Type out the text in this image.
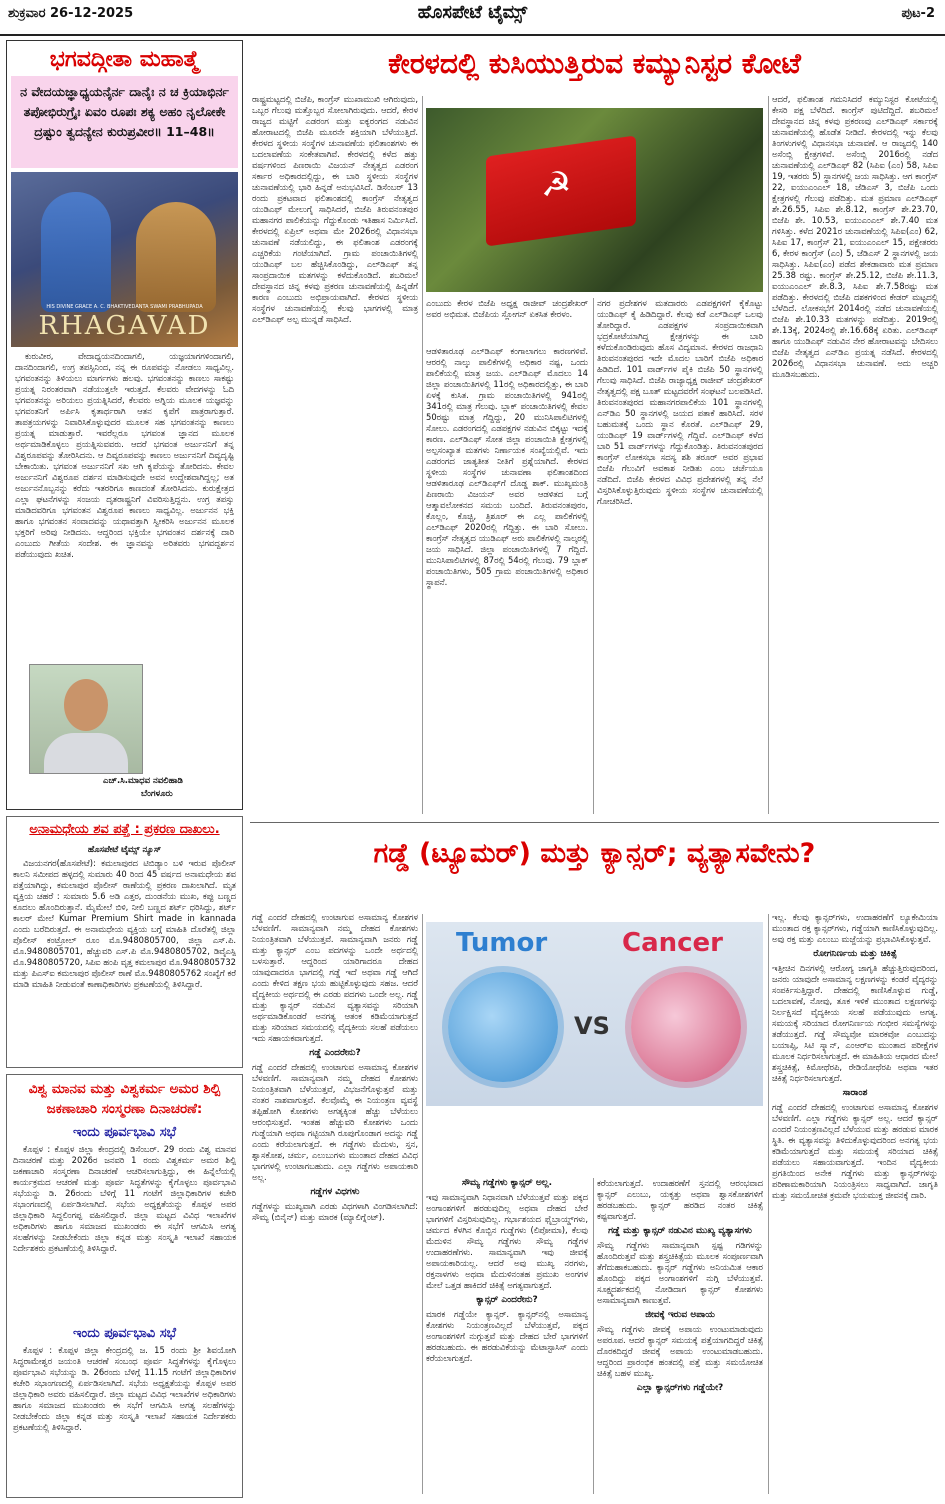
ಶುಕ್ರವಾರ 26-12-2025	ಹೊಸಪೇಟೆ ಟೈಮ್ಸ್	ಪುಟ-2
ಭಗವದ್ಗೀತಾ ಮಹಾತ್ಮೆ
ನ ವೇದಯಜ್ಞಾಧ್ಯಯನೈರ್ನ ದಾನೈಃ ನ ಚ ಕ್ರಿಯಾಭಿರ್ನ ತಪೋಭಿರುಗ್ರೈಃ ಏವಂ ರೂಪಃ ಶಕ್ಯ ಅಹಂ ನೃಲೋಕೇ ದ್ರಷ್ಟುಂ ತ್ವದನ್ಯೇನ ಕುರುಪ್ರವೀರ॥ 11–48॥
HIS DIVINE GRACE A. C. BHAKTIVEDANTA SWAMI PRABHUPADA
RHAGAVAD
ಕುರುವೀರ, ವೇದಾಧ್ಯಯನದಿಂದಾಗಲಿ, ಯಜ್ಞಯಾಗಗಳಿಂದಾಗಲಿ, ದಾನದಿಂದಾಗಲಿ, ಉಗ್ರ ತಪಸ್ಸಿನಿಂದ, ನನ್ನ ಈ ರೂಪವನ್ನು ನೋಡಲು ಸಾಧ್ಯವಿಲ್ಲ. ಭಗವಂತನನ್ನು ತಿಳಿಯಲು ಮಾರ್ಗಗಳು ಹಲವು. ಭಗವಂತನನ್ನು ಕಾಣಲು ಸಾಕಷ್ಟು ಪ್ರಯತ್ನ ನಿರಂತರವಾಗಿ ನಡೆಯುತ್ತಲೇ ಇರುತ್ತದೆ. ಕೆಲವರು ವೇದಗಳನ್ನು ಓದಿ ಭಗವಂತನನ್ನು ಅರಿಯಲು ಪ್ರಯತ್ನಿಸಿದರೆ, ಕೆಲವರು ಅಗ್ನಿಯ ಮೂಲಕ ಯಜ್ಞವನ್ನು ಭಗವಂತನಿಗೆ ಅರ್ಪಿಸಿ ಕೃತಾರ್ಥರಾಗಿ ಆತನ ಕೃಪೆಗೆ ಪಾತ್ರರಾಗುತ್ತಾರೆ. ತಾಪತ್ರಯಗಳನ್ನು ನಿವಾರಿಸಿಕೊಳ್ಳುವುದರ ಮೂಲಕ ಸಹ ಭಗವಂತನನ್ನು ಕಾಣಲು ಪ್ರಯತ್ನ ಮಾಡುತ್ತಾರೆ. ಇವರೆಲ್ಲರೂ ಭಗವಂತ ಜ್ಞಾನದ ಮೂಲಕ ಅರ್ಥಮಾಡಿಕೊಳ್ಳಲು ಪ್ರಯತ್ನಿಸುವವರು. ಆದರೆ ಭಗವಂತ ಅರ್ಜುನನಿಗೆ ತನ್ನ ವಿಶ್ವರೂಪವನ್ನು ತೋರಿಸಿದನು. ಆ ದಿವ್ಯರೂಪವನ್ನು ಕಾಣಲು ಅರ್ಜುನನಿಗೆ ದಿವ್ಯದೃಷ್ಟಿ ಬೇಕಾಯಿತು. ಭಗವಂತ ಅರ್ಜುನನಿಗೆ ಸಖ ಆಗಿ ಕೃಪೆಯನ್ನು ತೋರಿದನು. ಕೇವಲ ಅರ್ಜುನನಿಗೆ ವಿಶ್ವರೂಪ ದರ್ಶನ ಮಾಡಿಸುವುದೇ ಅವನ ಉದ್ದೇಶವಾಗಿದ್ದಲ್ಲ; ಅತ ಅರ್ಜುನನೊಬ್ಬನನ್ನು ಕರೆದು ಇತರರಿಗೂ ಕಾಣದಂತೆ ತೋರಿಸಿದನು. ಕುರುಕ್ಷೇತ್ರದ ಎಲ್ಲಾ ಘಟನೆಗಳನ್ನು ಸಂಜಯ ದೃತರಾಷ್ಟ್ರನಿಗೆ ವಿವರಿಸುತ್ತಿದ್ದನು. ಉಗ್ರ ತಪಸ್ಸು ಮಾಡಿದವರಿಗೂ ಭಗವಂತನ ವಿಶ್ವರೂಪ ಕಾಣಲು ಸಾಧ್ಯವಿಲ್ಲ. ಅರ್ಜುನನ ಭಕ್ತಿ ಹಾಗೂ ಭಗವಂತನ ಸಂವಾದವನ್ನು ಯಥಾವತ್ತಾಗಿ ಸ್ವೀಕರಿಸಿ ಅರ್ಜುನನ ಮೂಲಕ ಭಕ್ತರಿಗೆ ಅರಿವು ನೀಡಿದನು. ಆದ್ದರಿಂದ ಭಕ್ತಿಯೇ ಭಗವಂತನ ದರ್ಶನಕ್ಕೆ ದಾರಿ ಎಂಬುದು ಗೀತೆಯ ಸಂದೇಶ. ಈ ಜ್ಞಾನವನ್ನು ಅರಿತವರು ಭಗವದ್ದರ್ಶನ ಪಡೆಯುವುದು ಖಚಿತ.
ಎಚ್.ಸಿ.ಮಾಧವ ನವಲಿಹಾಡಿ
ಬೆಂಗಳೂರು
ಅನಾಮಧೇಯ ಶವ ಪತ್ತೆ : ಪ್ರಕರಣ ದಾಖಲು.
ಹೊಸಪೇಟೆ ಟೈಮ್ಸ್ ನ್ಯೂಸ್
ವಿಜಯನಗರ(ಹೊಸಪೇಟೆ): ಕಮಲಾಪುರದ ಟಿಬಿಡ್ಯಾಂ ಬಳಿ ಇರುವ ಪೊಲೀಸ್ ಕಾಲನಿ ಸಮೀಪದ ಹಳ್ಳದಲ್ಲಿ ಸುಮಾರು 40 ರಿಂದ 45 ವರ್ಷದ ಅನಾಮಧೇಯ ಶವ ಪತ್ತೆಯಾಗಿದ್ದು, ಕಮಲಾಪುರ ಪೊಲೀಸ್ ಠಾಣೆಯಲ್ಲಿ ಪ್ರಕರಣ ದಾಖಲಾಗಿದೆ. ಮೃತ ವ್ಯಕ್ತಿಯ ಚಹರೆ : ಸುಮಾರು 5.6 ಅಡಿ ಎತ್ತರ, ದುಂಡನೆಯ ಮುಖ, ಕಪ್ಪು ಬಣ್ಣದ ಕೂದಲು ಹೊಂದಿರುತ್ತಾನೆ. ಮೈಮೇಲೆ ಬಿಳಿ, ನೀಲಿ ಬಣ್ಣದ ಶರ್ಟ್ ಧರಿಸಿದ್ದು, ಶರ್ಟ್ ಕಾಲರ್ ಮೇಲೆ Kumar Premium Shirt made in kannada ಎಂದು ಬರೆದಿರುತ್ತದೆ. ಈ ಅನಾಮಧೇಯ ವ್ಯಕ್ತಿಯ ಬಗ್ಗೆ ಮಾಹಿತಿ ದೊರೆತಲ್ಲಿ ಜಿಲ್ಲಾ ಪೊಲೀಸ್ ಕಂಟ್ರೋಲ್ ರೂಂ ಮೊ.9480805700, ಜಿಲ್ಲಾ ಎಸ್.ಪಿ. ಮೊ.9480805701, ಹೆಚ್ಚುವರಿ ಎಸ್.ಪಿ ಮೊ.9480805702, ಡಿವೈಎಸ್ಪಿ ಮೊ.9480805720, ಸಿಪಿಐ ಹಂಪಿ ವೃತ್ತ ಕಮಲಾಪುರ ಮೊ.9480805732 ಮತ್ತು ಪಿಎಸ್‌ಐ ಕಮಲಾಪುರ ಪೊಲೀಸ್ ಠಾಣೆ ಮೊ.9480805762 ಸಂಖ್ಯೆಗೆ ಕರೆ ಮಾಡಿ ಮಾಹಿತಿ ನೀಡುವಂತೆ ಕಾಣಾಧಿಕಾರಿಗಳು ಪ್ರಕಟಣೆಯಲ್ಲಿ ತಿಳಿಸಿದ್ದಾರೆ.
ವಿಶ್ವ ಮಾನವ ಮತ್ತು ವಿಶ್ವಕರ್ಮ ಅಮರ ಶಿಲ್ಪಿ ಜಕಣಾಚಾರಿ ಸಂಸ್ಮರಣಾ ದಿನಾಚರಣೆ:
ಇಂದು ಪೂರ್ವಭಾವಿ ಸಭೆ
ಕೊಪ್ಪಳ : ಕೊಪ್ಪಳ ಜಿಲ್ಲಾ ಕೇಂದ್ರದಲ್ಲಿ ಡಿಸೆಂಬರ್. 29 ರಂದು ವಿಶ್ವ ಮಾನವ ದಿನಾಚರಣೆ ಮತ್ತು 2026ರ ಜನವರಿ 1 ರಂದು ವಿಶ್ವಕರ್ಮ ಅಮರ ಶಿಲ್ಪಿ ಜಕಣಾಚಾರಿ ಸಂಸ್ಮರಣಾ ದಿನಾಚರಣೆ ಆಚರಿಸಲಾಗುತ್ತಿದ್ದು, ಈ ಹಿನ್ನೆಲೆಯಲ್ಲಿ ಕಾರ್ಯಕ್ರಮದ ಆಚರಣೆ ಮತ್ತು ಪೂರ್ವ ಸಿದ್ಧತೆಗಳನ್ನು ಕೈಗೊಳ್ಳಲು ಪೂರ್ವಭಾವಿ ಸಭೆಯನ್ನು ಡಿ. 26ರಂದು ಬೆಳಿಗ್ಗೆ 11 ಗಂಟೆಗೆ ಜಿಲ್ಲಾಧಿಕಾರಿಗಳ ಕಚೇರಿ ಸಭಾಂಗಣದಲ್ಲಿ ಏರ್ಪಡಿಸಲಾಗಿದೆ. ಸಭೆಯ ಅಧ್ಯಕ್ಷತೆಯನ್ನು ಕೊಪ್ಪಳ ಅಪರ ಜಿಲ್ಲಾಧಿಕಾರಿ ಸಿದ್ದಲಿಂಗಪ್ಪ ವಹಿಸಲಿದ್ದಾರೆ. ಜಿಲ್ಲಾ ಮಟ್ಟದ ವಿವಿಧ ಇಲಾಖೆಗಳ ಅಧಿಕಾರಿಗಳು ಹಾಗೂ ಸಮಾಜದ ಮುಖಂಡರು ಈ ಸಭೆಗೆ ಆಗಮಿಸಿ ಅಗತ್ಯ ಸಲಹೆಗಳನ್ನು ನೀಡಬೇಕೆಂದು ಜಿಲ್ಲಾ ಕನ್ನಡ ಮತ್ತು ಸಂಸ್ಕೃತಿ ಇಲಾಖೆ ಸಹಾಯಕ ನಿರ್ದೇಶಕರು ಪ್ರಕಟಣೆಯಲ್ಲಿ ತಿಳಿಸಿದ್ದಾರೆ.
ಇಂದು ಪೂರ್ವಭಾವಿ ಸಭೆ
ಕೊಪ್ಪಳ : ಕೊಪ್ಪಳ ಜಿಲ್ಲಾ ಕೇಂದ್ರದಲ್ಲಿ ಜ. 15 ರಂದು ಶ್ರೀ ಶಿವಯೋಗಿ ಸಿದ್ಧರಾಮೇಶ್ವರ ಜಯಂತಿ ಆಚರಣೆ ಸಂಬಂಧ ಪೂರ್ವ ಸಿದ್ಧತೆಗಳನ್ನು ಕೈಗೊಳ್ಳಲು ಪೂರ್ವಭಾವಿ ಸಭೆಯನ್ನು ಡಿ. 26ರಂದು ಬೆಳಿಗ್ಗೆ 11.15 ಗಂಟೆಗೆ ಜಿಲ್ಲಾಧಿಕಾರಿಗಳ ಕಚೇರಿ ಸಭಾಂಗಣದಲ್ಲಿ ಏರ್ಪಡಿಸಲಾಗಿದೆ. ಸಭೆಯ ಅಧ್ಯಕ್ಷತೆಯನ್ನು ಕೊಪ್ಪಳ ಅಪರ ಜಿಲ್ಲಾಧಿಕಾರಿ ಅವರು ವಹಿಸಲಿದ್ದಾರೆ. ಜಿಲ್ಲಾ ಮಟ್ಟದ ವಿವಿಧ ಇಲಾಖೆಗಳ ಅಧಿಕಾರಿಗಳು ಹಾಗೂ ಸಮಾಜದ ಮುಖಂಡರು ಈ ಸಭೆಗೆ ಆಗಮಿಸಿ ಅಗತ್ಯ ಸಲಹೆಗಳನ್ನು ನೀಡಬೇಕೆಂದು ಜಿಲ್ಲಾ ಕನ್ನಡ ಮತ್ತು ಸಂಸ್ಕೃತಿ ಇಲಾಖೆ ಸಹಾಯಕ ನಿರ್ದೇಶಕರು ಪ್ರಕಟಣೆಯಲ್ಲಿ ತಿಳಿಸಿದ್ದಾರೆ.
ಕೇರಳದಲ್ಲಿ ಕುಸಿಯುತ್ತಿರುವ ಕಮ್ಯುನಿಸ್ಟರ ಕೋಟೆ
ರಾಷ್ಟ್ರಮಟ್ಟದಲ್ಲಿ ಬಿಜೆಪಿ, ಕಾಂಗ್ರೆಸ್ ಮುಖಾಮುಖಿ ಆಗಿರುವುದು, ಒಬ್ಬರ ಗೆಲುವು ಮತ್ತೊಬ್ಬರ ಸೋಲಾಗಿರುವುದು. ಆದರೆ, ಕೇರಳ ರಾಜ್ಯದ ಮಟ್ಟಿಗೆ ಎಡರಂಗ ಮತ್ತು ಐಕ್ಯರಂಗದ ನಡುವಿನ ಹೋರಾಟದಲ್ಲಿ ಬಿಜೆಪಿ ಮೂರನೇ ಶಕ್ತಿಯಾಗಿ ಬೆಳೆಯುತ್ತಿದೆ. ಕೇರಳದ ಸ್ಥಳೀಯ ಸಂಸ್ಥೆಗಳ ಚುನಾವಣೆಯ ಫಲಿತಾಂಶಗಳು ಈ ಬದಲಾವಣೆಯ ಸಂಕೇತವಾಗಿವೆ. ಕೇರಳದಲ್ಲಿ ಕಳೆದ ಹತ್ತು ವರ್ಷಗಳಿಂದ ಪಿಣರಾಯಿ ವಿಜಯನ್ ನೇತೃತ್ವದ ಎಡರಂಗ ಸರ್ಕಾರ ಅಧಿಕಾರದಲ್ಲಿದ್ದು, ಈ ಬಾರಿ ಸ್ಥಳೀಯ ಸಂಸ್ಥೆಗಳ ಚುನಾವಣೆಯಲ್ಲಿ ಭಾರಿ ಹಿನ್ನಡೆ ಅನುಭವಿಸಿದೆ. ಡಿಸೆಂಬರ್ 13 ರಂದು ಪ್ರಕಟವಾದ ಫಲಿತಾಂಶದಲ್ಲಿ ಕಾಂಗ್ರೆಸ್ ನೇತೃತ್ವದ ಯುಡಿಎಫ್ ಮೇಲುಗೈ ಸಾಧಿಸಿದರೆ, ಬಿಜೆಪಿ ತಿರುವನಂತಪುರ ಮಹಾನಗರ ಪಾಲಿಕೆಯನ್ನು ಗೆದ್ದುಕೊಂಡು ಇತಿಹಾಸ ನಿರ್ಮಿಸಿದೆ. ಕೇರಳದಲ್ಲಿ ಏಪ್ರಿಲ್ ಅಥವಾ ಮೇ 2026ರಲ್ಲಿ ವಿಧಾನಸಭಾ ಚುನಾವಣೆ ನಡೆಯಲಿದ್ದು, ಈ ಫಲಿತಾಂಶ ಎಡರಂಗಕ್ಕೆ ಎಚ್ಚರಿಕೆಯ ಗಂಟೆಯಾಗಿದೆ. ಗ್ರಾಮ ಪಂಚಾಯಿತಿಗಳಲ್ಲಿ ಯುಡಿಎಫ್ ಬಲ ಹೆಚ್ಚಿಸಿಕೊಂಡಿದ್ದು, ಎಲ್‌ಡಿಎಫ್ ತನ್ನ ಸಾಂಪ್ರದಾಯಿಕ ಮತಗಳನ್ನು ಕಳೆದುಕೊಂಡಿದೆ. ಶಬರಿಮಲೆ ದೇವಸ್ಥಾನದ ಚಿನ್ನ ಕಳವು ಪ್ರಕರಣ ಚುನಾವಣೆಯಲ್ಲಿ ಹಿನ್ನಡೆಗೆ ಕಾರಣ ಎಂಬುದು ಅಭಿಪ್ರಾಯವಾಗಿದೆ. ಕೇರಳದ ಸ್ಥಳೀಯ ಸಂಸ್ಥೆಗಳ ಚುನಾವಣೆಯಲ್ಲಿ ಕೆಲವು ಭಾಗಗಳಲ್ಲಿ ಮಾತ್ರ ಎಲ್‌ಡಿಎಫ್ ಅಲ್ಪ ಮುನ್ನಡೆ ಸಾಧಿಸಿದೆ.
☭
ಎಂಬುದು ಕೇರಳ ಬಿಜೆಪಿ ಅಧ್ಯಕ್ಷ ರಾಜೀವ್ ಚಂದ್ರಶೇಖರ್ ಅವರ ಅಭಿಮತ. ಬಿಜೆಪಿಯ ಸ್ಲೋಗನ್ ಏಕಸಿತ ಕೇರಳಂ.
ಆಡಳಿತಾರೂಢ ಎಲ್‌ಡಿಎಫ್ ಕಂಗಾಲಾಗಲು ಕಾರಣಗಳಿವೆ. ಆರರಲ್ಲಿ ನಾಲ್ಕು ಪಾಲಿಕೆಗಳಲ್ಲಿ ಅಧಿಕಾರ ನಷ್ಟ, ಒಂದು ಪಾಲಿಕೆಯಲ್ಲಿ ಮಾತ್ರ ಜಯ. ಎಲ್‌ಡಿಎಫ್ ಮೊದಲು 14 ಜಿಲ್ಲಾ ಪಂಚಾಯಿತಿಗಳಲ್ಲಿ 11ರಲ್ಲಿ ಅಧಿಕಾರದಲ್ಲಿತ್ತು, ಈ ಬಾರಿ ಏಳಕ್ಕೆ ಕುಸಿತ. ಗ್ರಾಮ ಪಂಚಾಯಿತಿಗಳಲ್ಲಿ 941ರಲ್ಲಿ 341ರಲ್ಲಿ ಮಾತ್ರ ಗೆಲುವು. ಬ್ಲಾಕ್ ಪಂಚಾಯಿತಿಗಳಲ್ಲಿ ಕೇವಲ 50ರಷ್ಟು ಮಾತ್ರ ಗೆದ್ದಿದ್ದು, 20 ಮುನಿಸಿಪಾಲಿಟಿಗಳಲ್ಲಿ ಸೋಲು. ಎಡರಂಗದಲ್ಲಿ ಎಡಪಕ್ಷಗಳ ನಡುವಿನ ಬಿಕ್ಕಟ್ಟು ಇದಕ್ಕೆ ಕಾರಣ. ಎಲ್‌ಡಿಎಫ್ ಸೋತ ಜಿಲ್ಲಾ ಪಂಚಾಯಿತಿ ಕ್ಷೇತ್ರಗಳಲ್ಲಿ ಅಲ್ಪಸಂಖ್ಯಾತ ಮತಗಳು ನಿರ್ಣಾಯಕ ಸಂಖ್ಯೆಯಲ್ಲಿವೆ. ಇದು ಎಡರಂಗದ ಜಾತ್ಯತೀತ ನೀತಿಗೆ ಪ್ರಶ್ನೆಯಾಗಿದೆ. ಕೇರಳದ ಸ್ಥಳೀಯ ಸಂಸ್ಥೆಗಳ ಚುನಾವಣಾ ಫಲಿತಾಂಶದಿಂದ ಆಡಳಿತಾರೂಢ ಎಲ್‌ಡಿಎಫ್‌ಗೆ ದೊಡ್ಡ ಶಾಕ್. ಮುಖ್ಯಮಂತ್ರಿ ಪಿಣರಾಯಿ ವಿಜಯನ್ ಅವರ ಆಡಳಿತದ ಬಗ್ಗೆ ಆತ್ಮಾವಲೋಕನದ ಸಮಯ ಬಂದಿದೆ. ತಿರುವನಂತಪುರಂ, ಕೊಲ್ಲಂ, ಕೊಚ್ಚಿ, ತ್ರಿಶೂರ್ ಈ ಎಲ್ಲ ಪಾಲಿಕೆಗಳಲ್ಲಿ ಎಲ್‌ಡಿಎಫ್ 2020ರಲ್ಲಿ ಗೆದ್ದಿತ್ತು. ಈ ಬಾರಿ ಸೋಲು. ಕಾಂಗ್ರೆಸ್ ನೇತೃತ್ವದ ಯುಡಿಎಫ್ ಅರು ಪಾಲಿಕೆಗಳಲ್ಲಿ ನಾಲ್ಕರಲ್ಲಿ ಜಯ ಸಾಧಿಸಿದೆ. ಜಿಲ್ಲಾ ಪಂಚಾಯಿತಿಗಳಲ್ಲಿ 7 ಗೆದ್ದಿದೆ. ಮುನಿಸಿಪಾಲಿಟಿಗಳಲ್ಲಿ 87ರಲ್ಲಿ 54ರಲ್ಲಿ ಗೆಲುವು. 79 ಬ್ಲಾಕ್ ಪಂಚಾಯಿತಿಗಳು, 505 ಗ್ರಾಮ ಪಂಚಾಯಿತಿಗಳಲ್ಲಿ ಅಧಿಕಾರ ಸ್ಥಾಪನೆ.
ನಗರ ಪ್ರದೇಶಗಳ ಮತದಾರರು ಎಡಪಕ್ಷಗಳಿಗೆ ಕೈಕೊಟ್ಟು ಯುಡಿಎಫ್ ಕೈ ಹಿಡಿದಿದ್ದಾರೆ. ಕೆಲವು ಕಡೆ ಎಲ್‌ಡಿಎಫ್ ಒಲವು ತೋರಿದ್ದಾರೆ. ಎಡಪಕ್ಷಗಳ ಸಂಪ್ರದಾಯಿಕವಾಗಿ ಭದ್ರಕೋಟೆಯಾಗಿದ್ದ ಕ್ಷೇತ್ರಗಳನ್ನು ಈ ಬಾರಿ ಕಳೆದುಕೊಂಡಿರುವುದು ಹೊಸ ವಿದ್ಯಮಾನ. ಕೇರಳದ ರಾಜಧಾನಿ ತಿರುವನಂತಪುರದ ಇದೇ ಮೊದಲ ಬಾರಿಗೆ ಬಿಜೆಪಿ ಅಧಿಕಾರ ಹಿಡಿದಿದೆ. 101 ವಾರ್ಡ್‌ಗಳ ಪೈಕಿ ಬಿಜೆಪಿ 50 ಸ್ಥಾನಗಳಲ್ಲಿ ಗೆಲುವು ಸಾಧಿಸಿದೆ. ಬಿಜೆಪಿ ರಾಜ್ಯಾಧ್ಯಕ್ಷ ರಾಜೀವ್ ಚಂದ್ರಶೇಖರ್ ನೇತೃತ್ವದಲ್ಲಿ ಪಕ್ಷ ಬೂತ್ ಮಟ್ಟದವರೆಗೆ ಸಂಘಟನೆ ಬಲಪಡಿಸಿದೆ. ತಿರುವನಂತಪುರದ ಮಹಾನಗರಪಾಲಿಕೆಯ 101 ಸ್ಥಾನಗಳಲ್ಲಿ ಎನ್‌ಡಿಎ 50 ಸ್ಥಾನಗಳಲ್ಲಿ ಜಯದ ಪತಾಕೆ ಹಾರಿಸಿದೆ. ಸರಳ ಬಹುಮತಕ್ಕೆ ಒಂದು ಸ್ಥಾನ ಕೊರತೆ. ಎಲ್‌ಡಿಎಫ್ 29, ಯುಡಿಎಫ್ 19 ವಾರ್ಡ್‌ಗಳಲ್ಲಿ ಗೆದ್ದಿವೆ. ಎಲ್‌ಡಿಎಫ್ ಕಳೆದ ಬಾರಿ 51 ವಾರ್ಡ್‌ಗಳನ್ನು ಗೆದ್ದುಕೊಂಡಿತ್ತು. ತಿರುವನಂತಪುರದ ಕಾಂಗ್ರೆಸ್ ಲೋಕಸಭಾ ಸದಸ್ಯ ಶಶಿ ತರೂರ್ ಅವರ ಪ್ರಭಾವ ಬಿಜೆಪಿ ಗೆಲುವಿಗೆ ಅವಕಾಶ ನೀಡಿತು ಎಂಬ ಚರ್ಚೆಯೂ ನಡೆದಿದೆ. ಬಿಜೆಪಿ ಕೇರಳದ ವಿವಿಧ ಪ್ರದೇಶಗಳಲ್ಲಿ ತನ್ನ ನೆಲೆ ವಿಸ್ತರಿಸಿಕೊಳ್ಳುತ್ತಿರುವುದು ಸ್ಥಳೀಯ ಸಂಸ್ಥೆಗಳ ಚುನಾವಣೆಯಲ್ಲಿ ಗೋಚರಿಸಿದೆ.
ಆದರೆ, ಫಲಿತಾಂಶ ಗಮನಿಸಿದರೆ ಕಮ್ಯುನಿಸ್ಟರ ಕೋಟೆಯಲ್ಲಿ ಕೇಸರಿ ಪಕ್ಷ ಬೆಳೆದಿದೆ. ಕಾಂಗ್ರೆಸ್ ಪುಟಿದೆದ್ದಿದೆ. ಶಬರಿಮಲೆ ದೇವಸ್ಥಾನದ ಚಿನ್ನ ಕಳವು ಪ್ರಕರಣವು ಎಲ್‌ಡಿಎಫ್ ಸರ್ಕಾರಕ್ಕೆ ಚುನಾವಣೆಯಲ್ಲಿ ಹೊಡೆತ ನೀಡಿದೆ. ಕೇರಳದಲ್ಲಿ ಇನ್ನು ಕೆಲವು ತಿಂಗಳುಗಳಲ್ಲಿ ವಿಧಾನಸಭಾ ಚುನಾವಣೆ. ಆ ರಾಜ್ಯದಲ್ಲಿ 140 ಅಸೆಂಬ್ಲಿ ಕ್ಷೇತ್ರಗಳಿವೆ. ಅಸೆಂಬ್ಲಿ 2016ರಲ್ಲಿ ನಡೆದ ಚುನಾವಣೆಯಲ್ಲಿ ಎಲ್‌ಡಿಎಫ್ 82 (ಸಿಪಿಐ (ಎಂ) 58, ಸಿಪಿಐ 19, ಇತರರು 5) ಸ್ಥಾನಗಳಲ್ಲಿ ಜಯ ಸಾಧಿಸಿತ್ತು. ಆಗ ಕಾಂಗ್ರೆಸ್ 22, ಐಯುಎಂಎಲ್ 18, ಜೆಡಿಎಸ್ 3, ಬಿಜೆಪಿ ಒಂದು ಕ್ಷೇತ್ರಗಳಲ್ಲಿ ಗೆಲುವು ಪಡೆದಿತ್ತು. ಮತ ಪ್ರಮಾಣ ಎಲ್‌ಡಿಎಫ್ ಶೇ.26.55, ಸಿಪಿಐ ಶೇ.8.12, ಕಾಂಗ್ರೆಸ್ ಶೇ.23.70, ಬಿಜೆಪಿ ಶೇ. 10.53, ಐಯುಎಂಎಲ್ ಶೇ.7.40 ಮತ ಗಳಿಸಿತ್ತು. ಕಳೆದ 2021ರ ಚುನಾವಣೆಯಲ್ಲಿ ಸಿಪಿಐ(ಎಂ) 62, ಸಿಪಿಐ 17, ಕಾಂಗ್ರೆಸ್ 21, ಐಯುಎಂಎಲ್ 15, ಪಕ್ಷೇತರರು 6, ಕೇರಳ ಕಾಂಗ್ರೆಸ್ (ಎಂ) 5, ಜೆಡಿಎಸ್ 2 ಸ್ಥಾನಗಳಲ್ಲಿ ಜಯ ಸಾಧಿಸಿತ್ತು. ಸಿಪಿಐ(ಎಂ) ಪಡೆದ ಶೇಕಡಾವಾರು ಮತ ಪ್ರಮಾಣ 25.38 ರಷ್ಟು. ಕಾಂಗ್ರೆಸ್ ಶೇ.25.12, ಬಿಜೆಪಿ ಶೇ.11.3, ಐಯುಎಂಎಲ್ ಶೇ.8.3, ಸಿಪಿಐ ಶೇ.7.58ರಷ್ಟು ಮತ ಪಡೆದಿತ್ತು. ಕೇರಳದಲ್ಲಿ ಬಿಜೆಪಿ ದಶಕಗಳಿಂದ ಕೇಡರ್ ಮಟ್ಟದಲ್ಲಿ ಬೆಳೆದಿದೆ. ಲೋಕಸಭೆಗೆ 2014ರಲ್ಲಿ ನಡೆದ ಚುನಾವಣೆಯಲ್ಲಿ ಬಿಜೆಪಿ ಶೇ.10.33 ಮತಗಳನ್ನು ಪಡೆದಿತ್ತು. 2019ರಲ್ಲಿ ಶೇ.13ಕ್ಕೆ, 2024ರಲ್ಲಿ ಶೇ.16.68ಕ್ಕೆ ಏರಿತು. ಎಲ್‌ಡಿಎಫ್ ಹಾಗೂ ಯುಡಿಎಫ್ ನಡುವಿನ ನೇರ ಹೋರಾಟವನ್ನು ಬೇದಿಸಲು ಬಿಜೆಪಿ ನೇತೃತ್ವದ ಎನ್‌ಡಿಎ ಪ್ರಯತ್ನ ನಡೆಸಿದೆ. ಕೇರಳದಲ್ಲಿ 2026ರಲ್ಲಿ ವಿಧಾನಸಭಾ ಚುನಾವಣೆ. ಅದು ಅಚ್ಚರಿ ಮೂಡಿಸಬಹುದು.
ಗಡ್ಡೆ (ಟ್ಯೂಮರ್) ಮತ್ತು ಕ್ಯಾನ್ಸರ್; ವ್ಯತ್ಯಾಸವೇನು?
Tumor
VS
Cancer
ಗಡ್ಡೆ ಎಂದರೆ ದೇಹದಲ್ಲಿ ಉಂಟಾಗುವ ಅಸಾಮಾನ್ಯ ಕೋಶಗಳ ಬೆಳವಣಿಗೆ. ಸಾಮಾನ್ಯವಾಗಿ ನಮ್ಮ ದೇಹದ ಕೋಶಗಳು ನಿಯಂತ್ರಿತವಾಗಿ ಬೆಳೆಯುತ್ತವೆ. ಸಾಮಾನ್ಯವಾಗಿ ಜನರು ಗಡ್ಡೆ ಮತ್ತು ಕ್ಯಾನ್ಸರ್ ಎಂಬ ಪದಗಳನ್ನು ಒಂದೇ ಅರ್ಥದಲ್ಲಿ ಬಳಸುತ್ತಾರೆ. ಆದ್ದರಿಂದ ಯಾರಿಗಾದರೂ ದೇಹದ ಯಾವುದಾದರೂ ಭಾಗದಲ್ಲಿ ಗಡ್ಡೆ ಇದೆ ಅಥವಾ ಗಡ್ಡೆ ಆಗಿದೆ ಎಂದು ಕೇಳಿದ ತಕ್ಷಣ ಭಯ ಹುಟ್ಟಿಕೊಳ್ಳುವುದು ಸಹಜ. ಆದರೆ ವೈದ್ಯಕೀಯ ಅರ್ಥದಲ್ಲಿ ಈ ಎರಡು ಪದಗಳು ಒಂದೇ ಅಲ್ಲ. ಗಡ್ಡೆ ಮತ್ತು ಕ್ಯಾನ್ಸರ್ ನಡುವಿನ ವ್ಯತ್ಯಾಸವನ್ನು ಸರಿಯಾಗಿ ಅರ್ಥಮಾಡಿಕೊಂಡರೆ ಅನಗತ್ಯ ಆತಂಕ ಕಡಿಮೆಯಾಗುತ್ತದೆ ಮತ್ತು ಸರಿಯಾದ ಸಮಯದಲ್ಲಿ ವೈದ್ಯಕೀಯ ಸಲಹೆ ಪಡೆಯಲು ಇದು ಸಹಾಯಕವಾಗುತ್ತದೆ.
ಗಡ್ಡೆ ಎಂದರೇನು?
ಗಡ್ಡೆ ಎಂದರೆ ದೇಹದಲ್ಲಿ ಉಂಟಾಗುವ ಅಸಾಮಾನ್ಯ ಕೋಶಗಳ ಬೆಳವಣಿಗೆ. ಸಾಮಾನ್ಯವಾಗಿ ನಮ್ಮ ದೇಹದ ಕೋಶಗಳು ನಿಯಂತ್ರಿತವಾಗಿ ಬೆಳೆಯುತ್ತವೆ, ವಿಭಜನೆಗೊಳ್ಳುತ್ತವೆ ಮತ್ತು ನಂತರ ನಾಶವಾಗುತ್ತವೆ. ಕೆಲವೊಮ್ಮೆ ಈ ನಿಯಂತ್ರಣ ವ್ಯವಸ್ಥೆ ತಪ್ಪಿಹೋಗಿ ಕೋಶಗಳು ಅಗತ್ಯಕ್ಕಿಂತ ಹೆಚ್ಚು ಬೆಳೆಯಲು ಆರಂಭಿಸುತ್ತವೆ. ಇಂತಹ ಹೆಚ್ಚುವರಿ ಕೋಶಗಳು ಒಂದು ಗುಡ್ಡೆಯಾಗಿ ಅಥವಾ ಗಟ್ಟಿಯಾಗಿ ರೂಪುಗೊಂಡಾಗ ಅದನ್ನು ಗಡ್ಡೆ ಎಂದು ಕರೆಯಲಾಗುತ್ತದೆ. ಈ ಗಡ್ಡೆಗಳು ಮೆದುಳು, ಸ್ತನ, ಶ್ವಾಸಕೋಶ, ಚರ್ಮ, ಎಲುಬುಗಳು ಮುಂತಾದ ದೇಹದ ವಿವಿಧ ಭಾಗಗಳಲ್ಲಿ ಉಂಟಾಗಬಹುದು. ಎಲ್ಲಾ ಗಡ್ಡೆಗಳು ಅಪಾಯಕಾರಿ ಅಲ್ಲ.
ಗಡ್ಡೆಗಳ ವಿಧಗಳು
ಗಡ್ಡೆಗಳನ್ನು ಮುಖ್ಯವಾಗಿ ಎರಡು ವಿಧಗಳಾಗಿ ವಿಂಗಡಿಸಲಾಗಿದೆ: ಸೌಮ್ಯ (ಬಿನೈನ್) ಮತ್ತು ಮಾರಕ (ಮ್ಯಾಲಿಗ್ನೆಂಟ್).
ಸೌಮ್ಯ ಗಡ್ಡೆಗಳು ಕ್ಯಾನ್ಸರ್ ಅಲ್ಲ.
ಇವು ಸಾಮಾನ್ಯವಾಗಿ ನಿಧಾನವಾಗಿ ಬೆಳೆಯುತ್ತವೆ ಮತ್ತು ಪಕ್ಕದ ಅಂಗಾಂಶಗಳಿಗೆ ಹರಡುವುದಿಲ್ಲ ಅಥವಾ ದೇಹದ ಬೇರೆ ಭಾಗಗಳಿಗೆ ವಿಸ್ತರಿಸುವುದಿಲ್ಲ. ಗರ್ಭಾಶಯದ ಫೈಬ್ರಾಯ್ಡ್‌ಗಳು, ಚರ್ಮದ ಕೆಳಗಿನ ಕೊಬ್ಬಿನ ಗುಡ್ಡೆಗಳು (ಲಿಪೋಮಾ), ಕೆಲವು ಮೆದುಳಿನ ಸೌಮ್ಯ ಗಡ್ಡೆಗಳು ಸೌಮ್ಯ ಗಡ್ಡೆಗಳ ಉದಾಹರಣೆಗಳು. ಸಾಮಾನ್ಯವಾಗಿ ಇವು ಜೀವಕ್ಕೆ ಅಪಾಯಕಾರಿಯಲ್ಲ. ಆದರೆ ಅವು ಮುಖ್ಯ ನರಗಳು, ರಕ್ತನಾಳಗಳು ಅಥವಾ ಮೆದುಳಿನಂತಹ ಪ್ರಮುಖ ಅಂಗಗಳ ಮೇಲೆ ಒತ್ತಡ ಹಾಕಿದರೆ ಚಿಕಿತ್ಸೆ ಅಗತ್ಯವಾಗುತ್ತದೆ.
ಕ್ಯಾನ್ಸರ್ ಎಂದರೇನು?
ಮಾರಕ ಗಡ್ಡೆಯೇ ಕ್ಯಾನ್ಸರ್. ಕ್ಯಾನ್ಸರ್‌ನಲ್ಲಿ ಅಸಾಮಾನ್ಯ ಕೋಶಗಳು ನಿಯಂತ್ರಣವಿಲ್ಲದೆ ಬೆಳೆಯುತ್ತವೆ, ಪಕ್ಕದ ಅಂಗಾಂಶಗಳಿಗೆ ನುಗ್ಗುತ್ತವೆ ಮತ್ತು ದೇಹದ ಬೇರೆ ಭಾಗಗಳಿಗೆ ಹರಡಬಹುದು. ಈ ಹರಡುವಿಕೆಯನ್ನು ಮೆಟಾಸ್ಟಾಸಿಸ್ ಎಂದು ಕರೆಯಲಾಗುತ್ತದೆ.
ಕರೆಯಲಾಗುತ್ತದೆ. ಉದಾಹರಣೆಗೆ ಸ್ತನದಲ್ಲಿ ಆರಂಭವಾದ ಕ್ಯಾನ್ಸರ್ ಎಲುಬು, ಯಕೃತ್ತು ಅಥವಾ ಶ್ವಾಸಕೋಶಗಳಿಗೆ ಹರಡಬಹುದು. ಕ್ಯಾನ್ಸರ್ ಹರಡಿದ ನಂತರ ಚಿಕಿತ್ಸೆ ಕಷ್ಟವಾಗುತ್ತದೆ.
ಗಡ್ಡೆ ಮತ್ತು ಕ್ಯಾನ್ಸರ್ ನಡುವಿನ ಮುಖ್ಯ ವ್ಯತ್ಯಾಸಗಳು
ಸೌಮ್ಯ ಗಡ್ಡೆಗಳು ಸಾಮಾನ್ಯವಾಗಿ ಸ್ಪಷ್ಟ ಗಡಿಗಳನ್ನು ಹೊಂದಿರುತ್ತವೆ ಮತ್ತು ಶಸ್ತ್ರಚಿಕಿತ್ಸೆಯ ಮೂಲಕ ಸಂಪೂರ್ಣವಾಗಿ ತೆಗೆದುಹಾಕಬಹುದು. ಕ್ಯಾನ್ಸರ್ ಗಡ್ಡೆಗಳು ಅನಿಯಮಿತ ಆಕಾರ ಹೊಂದಿದ್ದು ಪಕ್ಕದ ಅಂಗಾಂಶಗಳಿಗೆ ನುಗ್ಗಿ ಬೆಳೆಯುತ್ತವೆ. ಸೂಕ್ಷ್ಮದರ್ಶಕದಲ್ಲಿ ನೋಡಿದಾಗ ಕ್ಯಾನ್ಸರ್ ಕೋಶಗಳು ಅಸಾಮಾನ್ಯವಾಗಿ ಕಾಣುತ್ತವೆ.
ಜೀವಕ್ಕೆ ಇರುವ ಅಪಾಯ
ಸೌಮ್ಯ ಗಡ್ಡೆಗಳು ಜೀವಕ್ಕೆ ಅಪಾಯ ಉಂಟುಮಾಡುವುದು ಅಪರೂಪ. ಆದರೆ ಕ್ಯಾನ್ಸರ್ ಸಮಯಕ್ಕೆ ಪತ್ತೆಯಾಗದಿದ್ದರೆ ಚಿಕಿತ್ಸೆ ದೊರಕದಿದ್ದರೆ ಜೀವಕ್ಕೆ ಅಪಾಯ ಉಂಟುಮಾಡಬಹುದು. ಆದ್ದರಿಂದ ಪ್ರಾರಂಭಿಕ ಹಂತದಲ್ಲಿ ಪತ್ತೆ ಮತ್ತು ಸಮಯೋಚಿತ ಚಿಕಿತ್ಸೆ ಬಹಳ ಮುಖ್ಯ.
ಎಲ್ಲಾ ಕ್ಯಾನ್ಸರ್‌ಗಳು ಗಡ್ಡೆಯೇ?
ಇಲ್ಲ. ಕೆಲವು ಕ್ಯಾನ್ಸರ್‌ಗಳು, ಉದಾಹರಣೆಗೆ ಲ್ಯೂಕೇಮಿಯಾ ಮುಂತಾದ ರಕ್ತ ಕ್ಯಾನ್ಸರ್‌ಗಳು, ಗಡ್ಡೆಯಾಗಿ ಕಾಣಿಸಿಕೊಳ್ಳುವುದಿಲ್ಲ. ಅವು ರಕ್ತ ಮತ್ತು ಎಲುಬು ಮಜ್ಜೆಯನ್ನು ಪ್ರಭಾವಿಸಿಕೊಳ್ಳುತ್ತವೆ.
ರೋಗನಿರ್ಣಯ ಮತ್ತು ಚಿಕಿತ್ಸೆ
ಇತ್ತೀಚಿನ ದಿನಗಳಲ್ಲಿ ಆರೋಗ್ಯ ಜಾಗೃತಿ ಹೆಚ್ಚುತ್ತಿರುವುದರಿಂದ, ಜನರು ಯಾವುದೇ ಅಸಾಮಾನ್ಯ ಲಕ್ಷಣಗಳನ್ನು ಕಂಡರೆ ವೈದ್ಯರನ್ನು ಸಂಪರ್ಕಿಸುತ್ತಿದ್ದಾರೆ. ದೇಹದಲ್ಲಿ ಕಾಣಿಸಿಕೊಳ್ಳುವ ಗುಡ್ಡೆ, ಬದಲಾವಣೆ, ನೋವು, ತೂಕ ಇಳಿಕೆ ಮುಂತಾದ ಲಕ್ಷಣಗಳನ್ನು ನಿರ್ಲಕ್ಷಿಸದೆ ವೈದ್ಯಕೀಯ ಸಲಹೆ ಪಡೆಯುವುದು ಅಗತ್ಯ. ಸಮಯಕ್ಕೆ ಸರಿಯಾದ ರೋಗನಿರ್ಣಯ ಗಂಭೀರ ಸಮಸ್ಯೆಗಳನ್ನು ತಡೆಯುತ್ತದೆ. ಗಡ್ಡೆ ಸೌಮ್ಯವೋ ಮಾರಕವೋ ಎಂಬುದನ್ನು ಬಯಾಪ್ಸಿ, ಸಿಟಿ ಸ್ಕ್ಯಾನ್, ಎಂಆರ್‌ಐ ಮುಂತಾದ ಪರೀಕ್ಷೆಗಳ ಮೂಲಕ ನಿರ್ಧರಿಸಲಾಗುತ್ತದೆ. ಈ ಮಾಹಿತಿಯ ಆಧಾರದ ಮೇಲೆ ಶಸ್ತ್ರಚಿಕಿತ್ಸೆ, ಕಿಮೋಥೆರಪಿ, ರೇಡಿಯೋಥೆರಪಿ ಅಥವಾ ಇತರ ಚಿಕಿತ್ಸೆ ನಿರ್ಧರಿಸಲಾಗುತ್ತದೆ.
ಸಾರಾಂಶ
ಗಡ್ಡೆ ಎಂದರೆ ದೇಹದಲ್ಲಿ ಉಂಟಾಗುವ ಅಸಾಮಾನ್ಯ ಕೋಶಗಳ ಬೆಳವಣಿಗೆ. ಎಲ್ಲಾ ಗಡ್ಡೆಗಳು ಕ್ಯಾನ್ಸರ್ ಅಲ್ಲ. ಆದರೆ ಕ್ಯಾನ್ಸರ್ ಎಂದರೆ ನಿಯಂತ್ರಣವಿಲ್ಲದೆ ಬೆಳೆಯುವ ಮತ್ತು ಹರಡುವ ಮಾರಕ ಸ್ಥಿತಿ. ಈ ವ್ಯತ್ಯಾಸವನ್ನು ತಿಳಿದುಕೊಳ್ಳುವುದರಿಂದ ಅನಗತ್ಯ ಭಯ ಕಡಿಮೆಯಾಗುತ್ತದೆ ಮತ್ತು ಸಮಯಕ್ಕೆ ಸರಿಯಾದ ಚಿಕಿತ್ಸೆ ಪಡೆಯಲು ಸಹಾಯವಾಗುತ್ತದೆ. ಇಂದಿನ ವೈದ್ಯಕೀಯ ಪ್ರಗತಿಯಿಂದ ಅನೇಕ ಗಡ್ಡೆಗಳು ಮತ್ತು ಕ್ಯಾನ್ಸರ್‌ಗಳನ್ನು ಪರಿಣಾಮಕಾರಿಯಾಗಿ ನಿಯಂತ್ರಿಸಲು ಸಾಧ್ಯವಾಗಿದೆ. ಜಾಗೃತಿ ಮತ್ತು ಸಮಯೋಚಿತ ಕ್ರಮವೇ ಭಯಮುಕ್ತ ಜೀವನಕ್ಕೆ ದಾರಿ.
